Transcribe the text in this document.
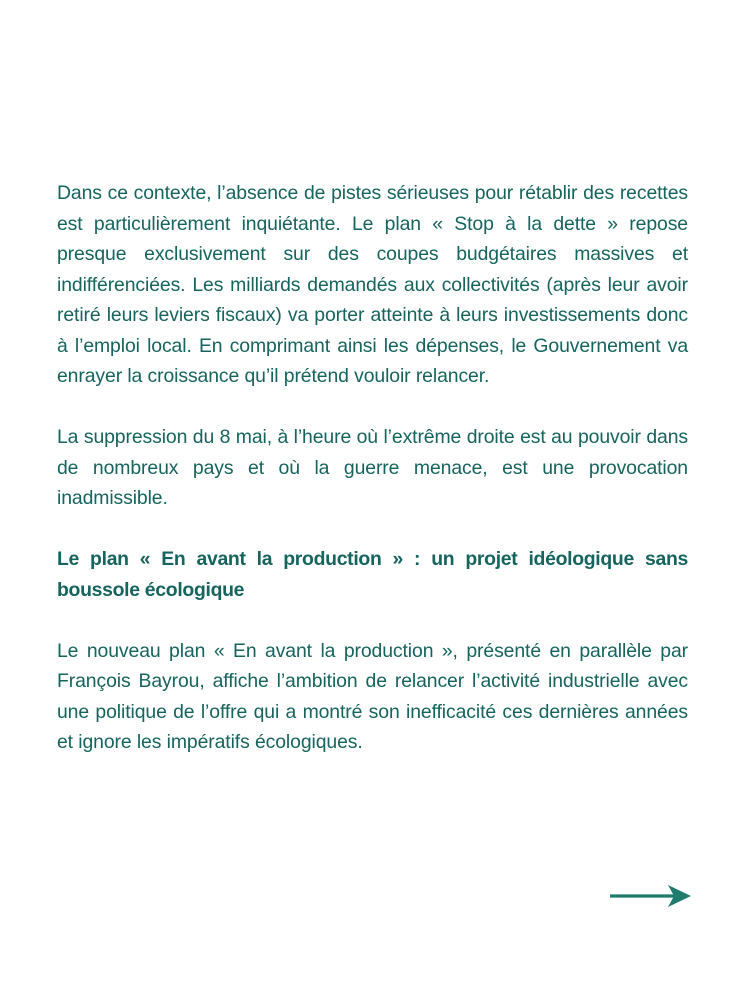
Dans ce contexte, l’absence de pistes sérieuses pour rétablir des recettes est particulièrement inquiétante. Le plan « Stop à la dette » repose presque exclusivement sur des coupes budgétaires massives et indifférenciées. Les milliards demandés aux collectivités (après leur avoir retiré leurs leviers fiscaux) va porter atteinte à leurs investissements donc à l’emploi local. En comprimant ainsi les dépenses, le Gouvernement va enrayer la croissance qu’il prétend vouloir relancer.

La suppression du 8 mai, à l’heure où l’extrême droite est au pouvoir dans de nombreux pays et où la guerre menace, est une provocation inadmissible.

Le plan « En avant la production » : un projet idéologique sans boussole écologique

Le nouveau plan « En avant la production », présenté en parallèle par François Bayrou, affiche l’ambition de relancer l’activité industrielle avec une politique de l’offre qui a montré son inefficacité ces dernières années et ignore les impératifs écologiques.
